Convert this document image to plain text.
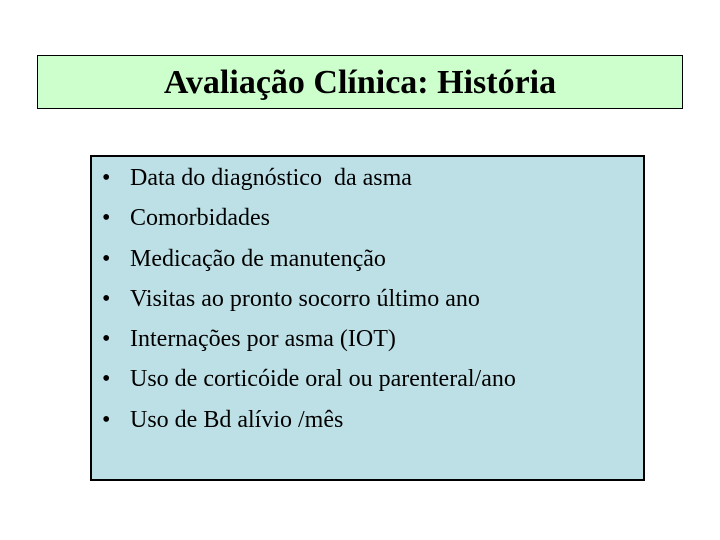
Avaliação Clínica: História
• Data do diagnóstico  da asma
• Comorbidades
• Medicação de manutenção
• Visitas ao pronto socorro último ano
• Internações por asma (IOT)
• Uso de corticóide oral ou parenteral/ano
• Uso de Bd alívio /mês
